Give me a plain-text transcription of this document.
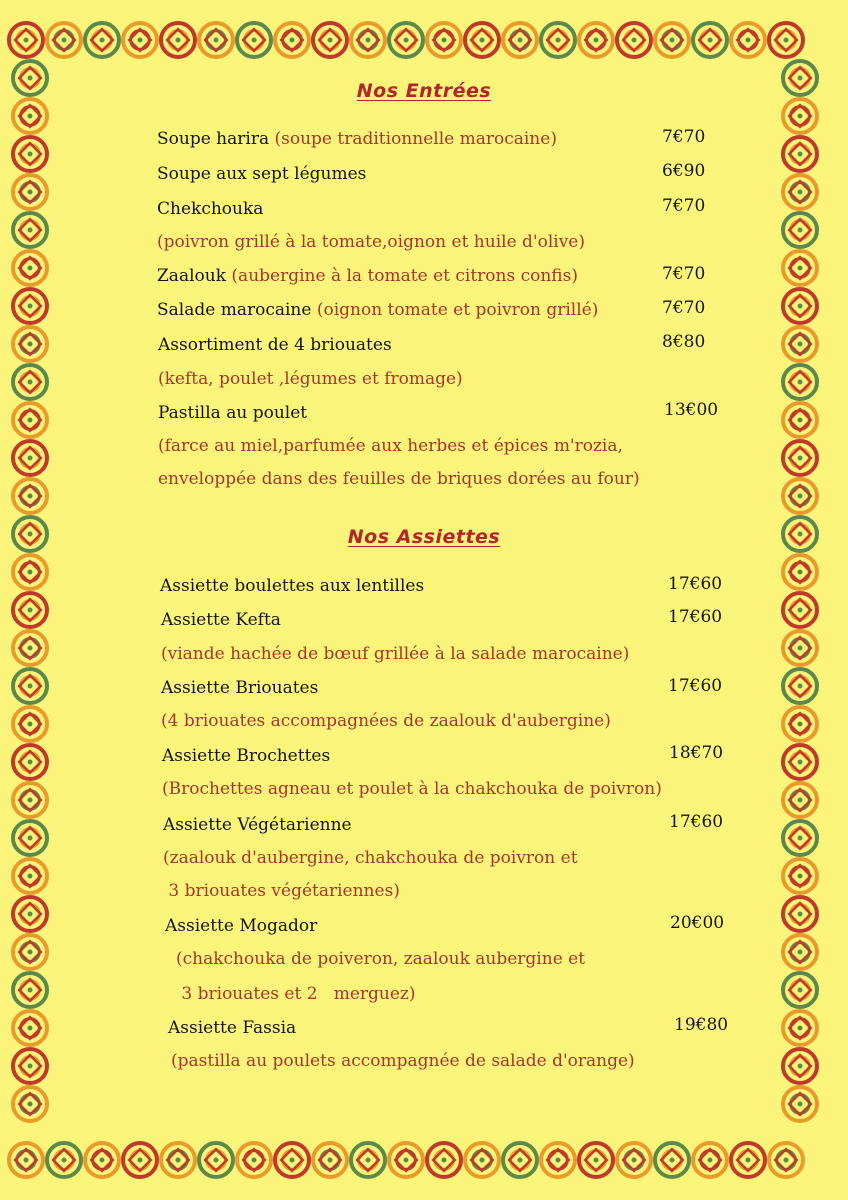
Nos Entrées
Soupe harira (soupe traditionnelle marocaine)	7€70
Soupe aux sept légumes	6€90
Chekchouka	7€70
(poivron grillé à la tomate,oignon et huile d'olive)
Zaalouk (aubergine à la tomate et citrons confis)	7€70
Salade marocaine (oignon tomate et poivron grillé)	7€70
Assortiment de 4 briouates	8€80
(kefta, poulet ,légumes et fromage)
Pastilla au poulet	13€00
(farce au miel,parfumée aux herbes et épices m'rozia,
enveloppée dans des feuilles de briques dorées au four)
Nos Assiettes
Assiette boulettes aux lentilles	17€60
Assiette Kefta	17€60
(viande hachée de bœuf grillée à la salade marocaine)
Assiette Briouates	17€60
(4 briouates accompagnées de zaalouk d'aubergine)
Assiette Brochettes	18€70
(Brochettes agneau et poulet à la chakchouka de poivron)
Assiette Végétarienne	17€60
(zaalouk d'aubergine, chakchouka de poivron et
3 briouates végétariennes)
Assiette Mogador	20€00
(chakchouka de poiveron, zaalouk aubergine et
3 briouates et 2   merguez)
Assiette Fassia	19€80
(pastilla au poulets accompagnée de salade d'orange)
